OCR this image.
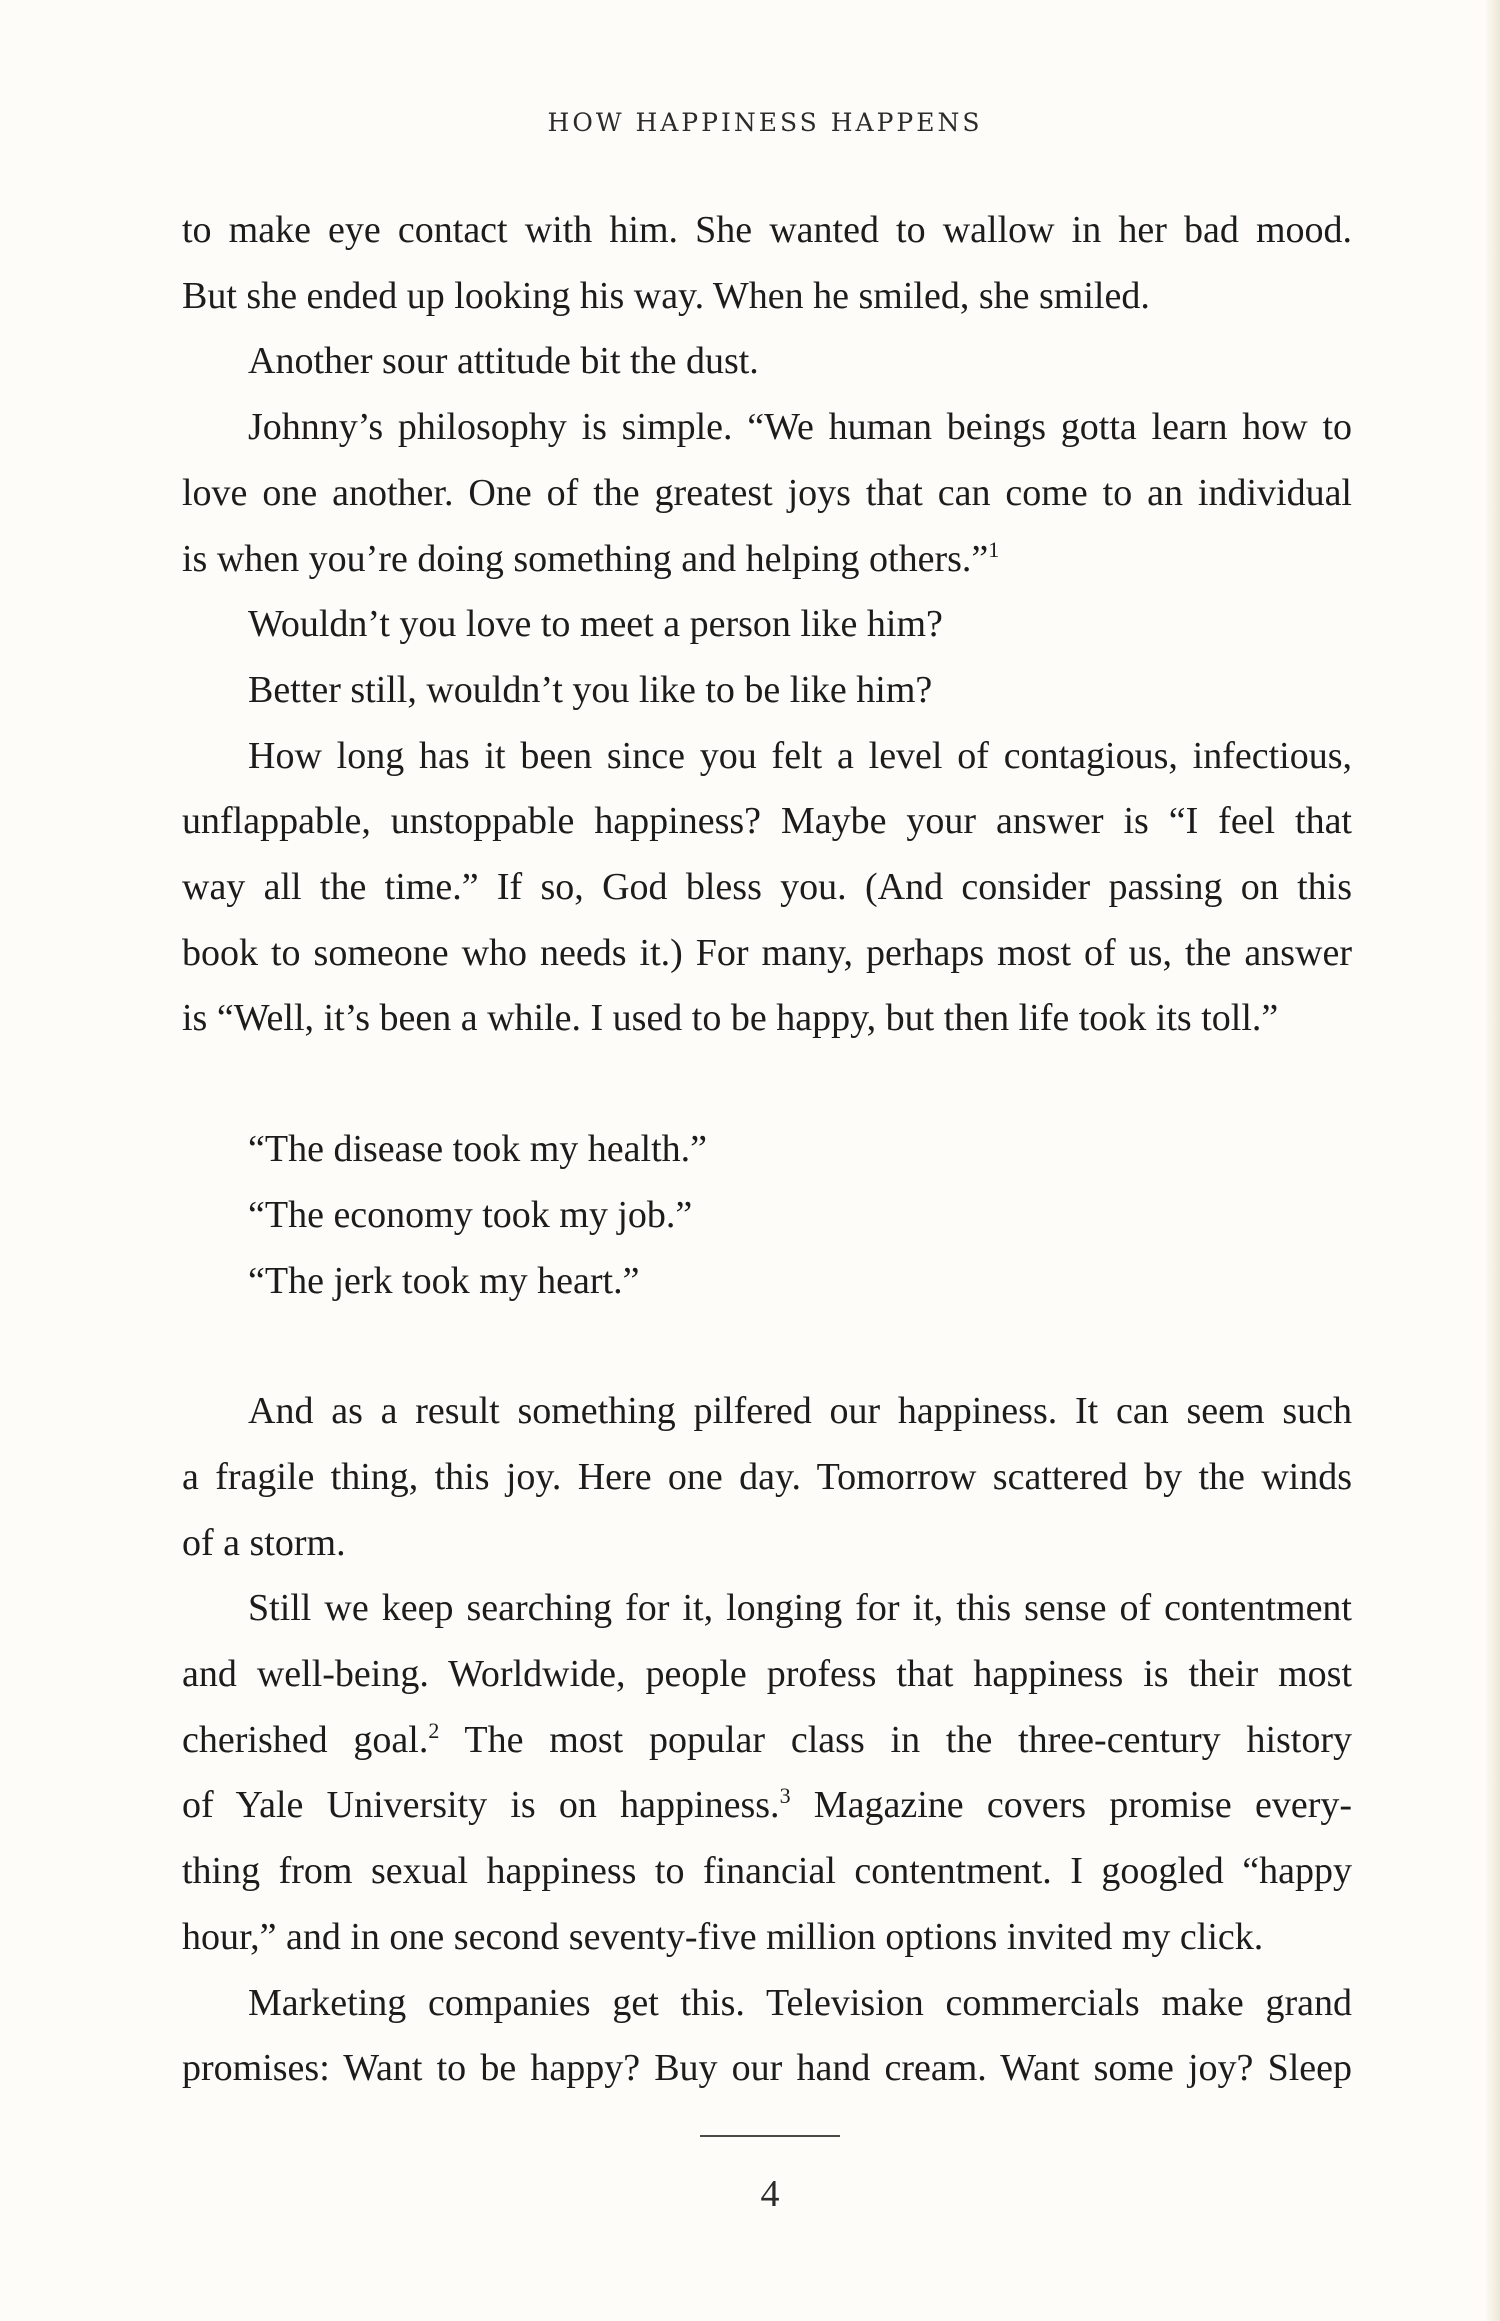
HOW HAPPINESS HAPPENS

to make eye contact with him. She wanted to wallow in her bad mood.
But she ended up looking his way. When he smiled, she smiled.

Another sour attitude bit the dust.

Johnny’s philosophy is simple. “We human beings gotta learn how to
love one another. One of the greatest joys that can come to an individual
is when you’re doing something and helping others.”$^1$

Wouldn’t you love to meet a person like him?

Better still, wouldn’t you like to be like him?

How long has it been since you felt a level of contagious, infectious,
unflappable, unstoppable happiness? Maybe your answer is “I feel that
way all the time.” If so, God bless you. (And consider passing on this
book to someone who needs it.) For many, perhaps most of us, the answer
is “Well, it’s been a while. I used to be happy, but then life took its toll.”

“The disease took my health.”
“The economy took my job.”
“The jerk took my heart.”

And as a result something pilfered our happiness. It can seem such
a fragile thing, this joy. Here one day. Tomorrow scattered by the winds
of a storm.

Still we keep searching for it, longing for it, this sense of contentment
and well-being. Worldwide, people profess that happiness is their most
cherished goal.$^2$ The most popular class in the three-century history
of Yale University is on happiness.$^3$ Magazine covers promise every-
thing from sexual happiness to financial contentment. I googled “happy
hour,” and in one second seventy-five million options invited my click.

Marketing companies get this. Television commercials make grand
promises: Want to be happy? Buy our hand cream. Want some joy? Sleep

4
